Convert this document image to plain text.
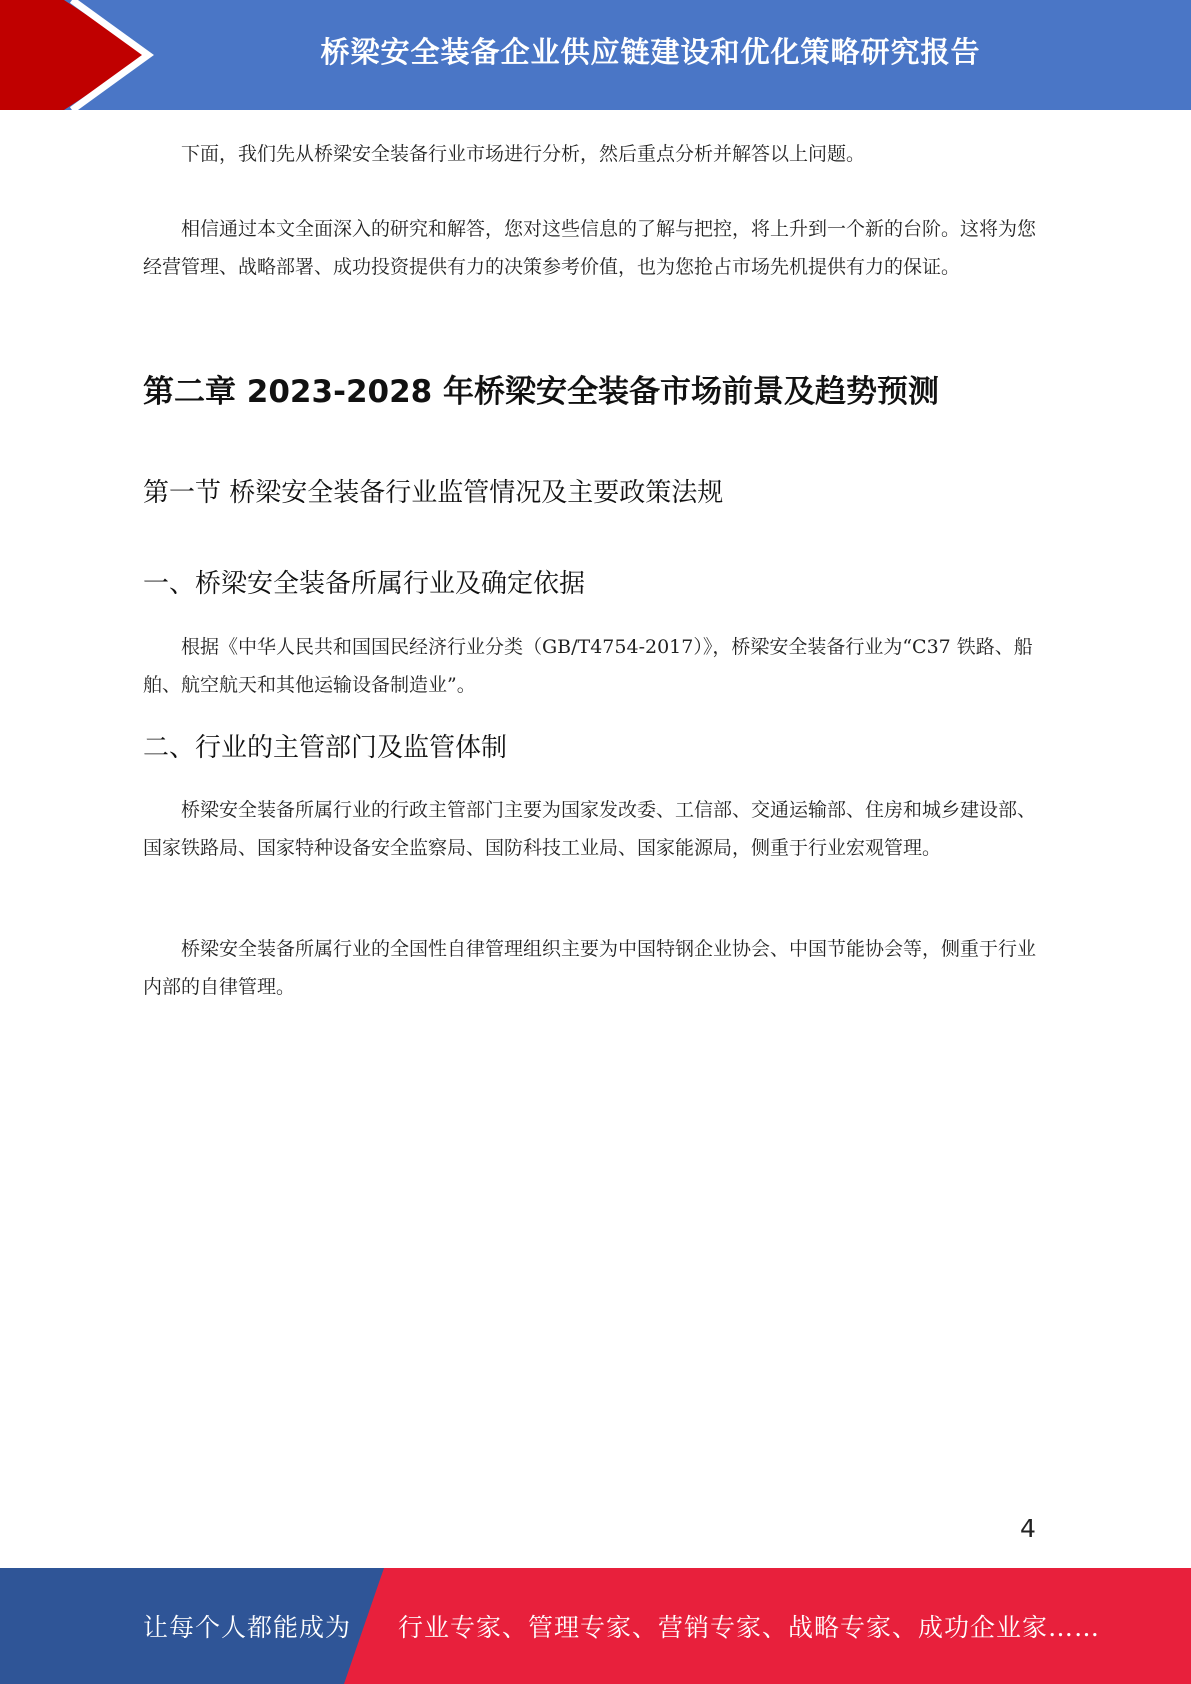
桥梁安全装备企业供应链建设和优化策略研究报告

下面，我们先从桥梁安全装备行业市场进行分析，然后重点分析并解答以上问题。

相信通过本文全面深入的研究和解答，您对这些信息的了解与把控，将上升到一个新的台阶。这将为您经营管理、战略部署、成功投资提供有力的决策参考价值，也为您抢占市场先机提供有力的保证。

第二章 2023-2028 年桥梁安全装备市场前景及趋势预测
第一节 桥梁安全装备行业监管情况及主要政策法规
一、桥梁安全装备所属行业及确定依据

根据《中华人民共和国国民经济行业分类（GB/T4754-2017）》，桥梁安全装备行业为“C37 铁路、船舶、航空航天和其他运输设备制造业”。

二、行业的主管部门及监管体制

桥梁安全装备所属行业的行政主管部门主要为国家发改委、工信部、交通运输部、住房和城乡建设部、国家铁路局、国家特种设备安全监察局、国防科技工业局、国家能源局，侧重于行业宏观管理。

桥梁安全装备所属行业的全国性自律管理组织主要为中国特钢企业协会、中国节能协会等，侧重于行业内部的自律管理。

4
让每个人都能成为 行业专家、管理专家、营销专家、战略专家、成功企业家……
